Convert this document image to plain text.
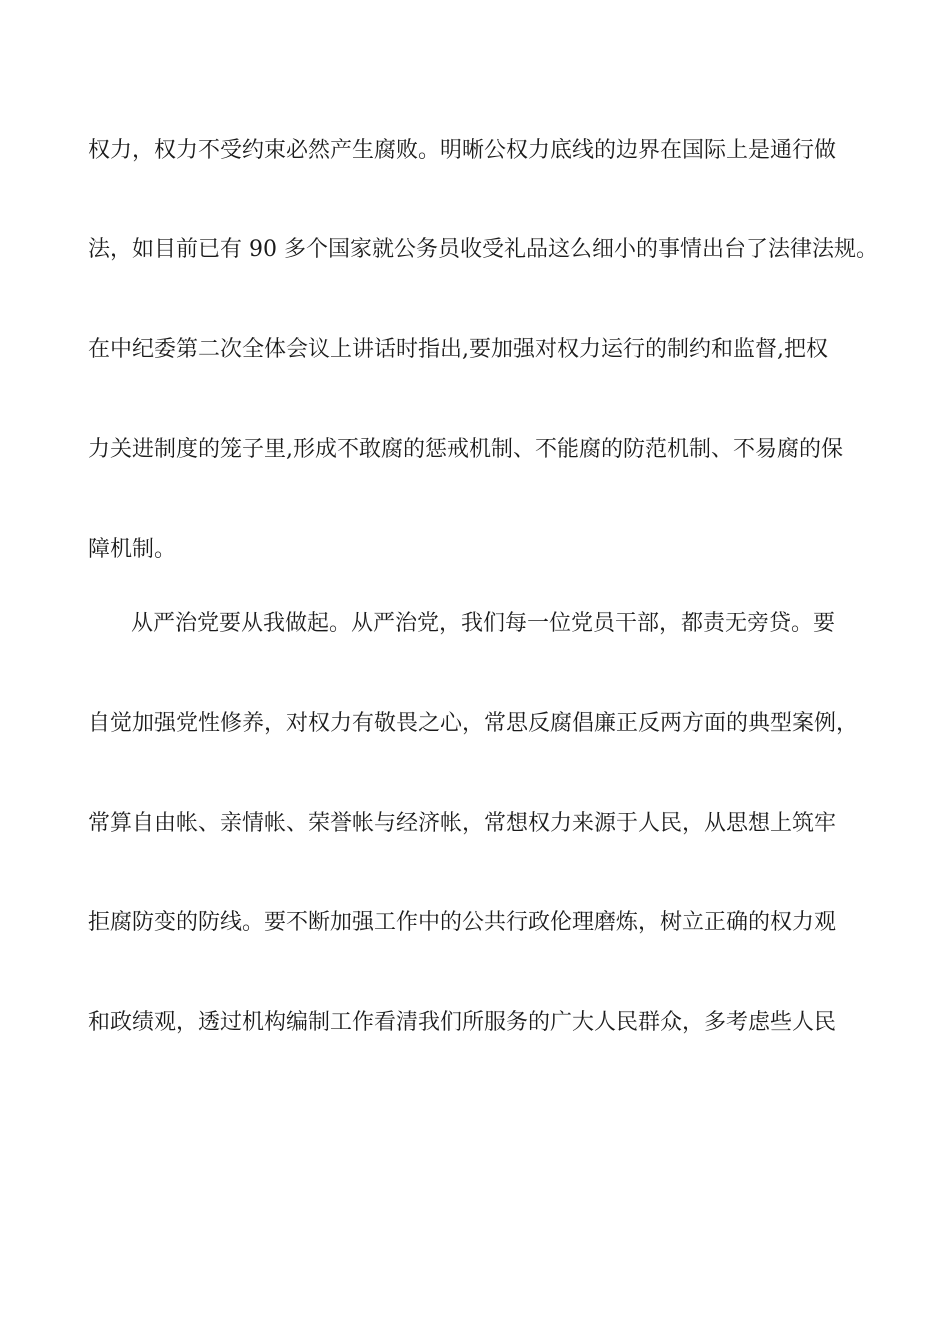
权力，权力不受约束必然产生腐败。明晰公权力底线的边界在国际上是通行做
法，如目前已有 90 多个国家就公务员收受礼品这么细小的事情出台了法律法规。
在中纪委第二次全体会议上讲话时指出,要加强对权力运行的制约和监督,把权
力关进制度的笼子里,形成不敢腐的惩戒机制、不能腐的防范机制、不易腐的保
障机制。
从严治党要从我做起。从严治党，我们每一位党员干部，都责无旁贷。要
自觉加强党性修养，对权力有敬畏之心，常思反腐倡廉正反两方面的典型案例，
常算自由帐、亲情帐、荣誉帐与经济帐，常想权力来源于人民，从思想上筑牢
拒腐防变的防线。要不断加强工作中的公共行政伦理磨炼，树立正确的权力观
和政绩观，透过机构编制工作看清我们所服务的广大人民群众，多考虑些人民
